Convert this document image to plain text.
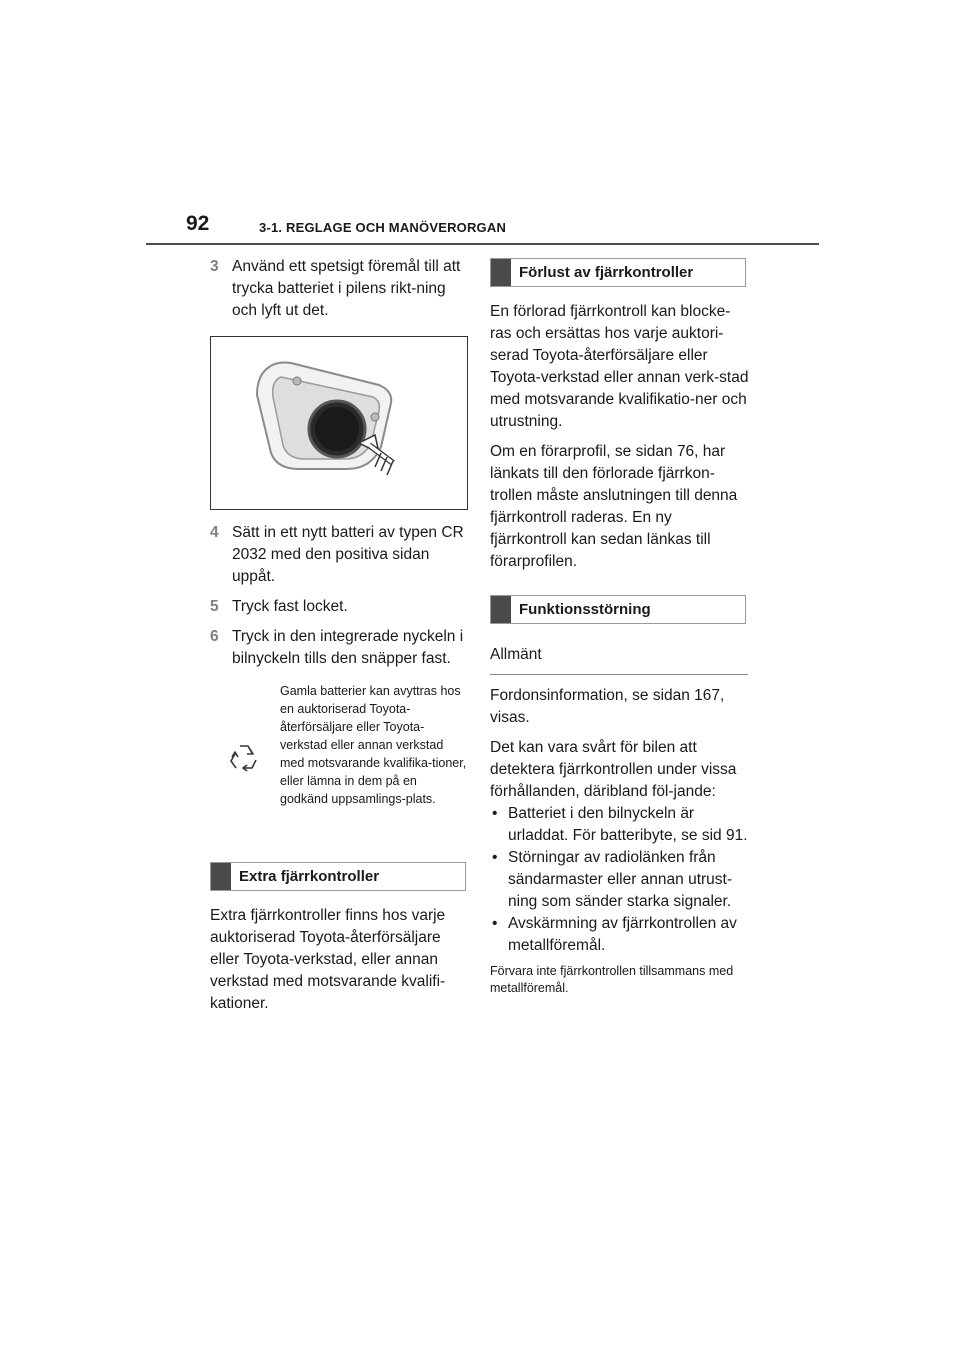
92	3-1. REGLAGE OCH MANÖVERORGAN
3 Använd ett spetsigt föremål till att trycka batteriet i pilens rikt-ning och lyft ut det.
4 Sätt in ett nytt batteri av typen CR 2032 med den positiva sidan uppåt.
5 Tryck fast locket.
6 Tryck in den integrerade nyckeln i bilnyckeln tills den snäpper fast.
Gamla batterier kan avyttras hos en auktoriserad Toyota-återförsäljare eller Toyota-verkstad eller annan verkstad med motsvarande kvalifika-tioner, eller lämna in dem på en godkänd uppsamlings-plats.
Extra fjärrkontroller

Extra fjärrkontroller finns hos varje auktoriserad Toyota-återförsäljare eller Toyota-verkstad, eller annan verkstad med motsvarande kvalifi-kationer.

Förlust av fjärrkontroller

En förlorad fjärrkontroll kan blocke-ras och ersättas hos varje auktori-serad Toyota-återförsäljare eller Toyota-verkstad eller annan verk-stad med motsvarande kvalifikatio-ner och utrustning.

Om en förarprofil, se sidan 76, har länkats till den förlorade fjärrkon-trollen måste anslutningen till denna fjärrkontroll raderas. En ny fjärrkontroll kan sedan länkas till förarprofilen.

Funktionsstörning
Allmänt

Fordonsinformation, se sidan 167, visas.

Det kan vara svårt för bilen att detektera fjärrkontrollen under vissa förhållanden, däribland föl-jande:

• Batteriet i den bilnyckeln är urladdat. För batteribyte, se sid 91.
• Störningar av radiolänken från sändarmaster eller annan utrust-ning som sänder starka signaler.
• Avskärmning av fjärrkontrollen av metallföremål.

Förvara inte fjärrkontrollen tillsammans med metallföremål.
